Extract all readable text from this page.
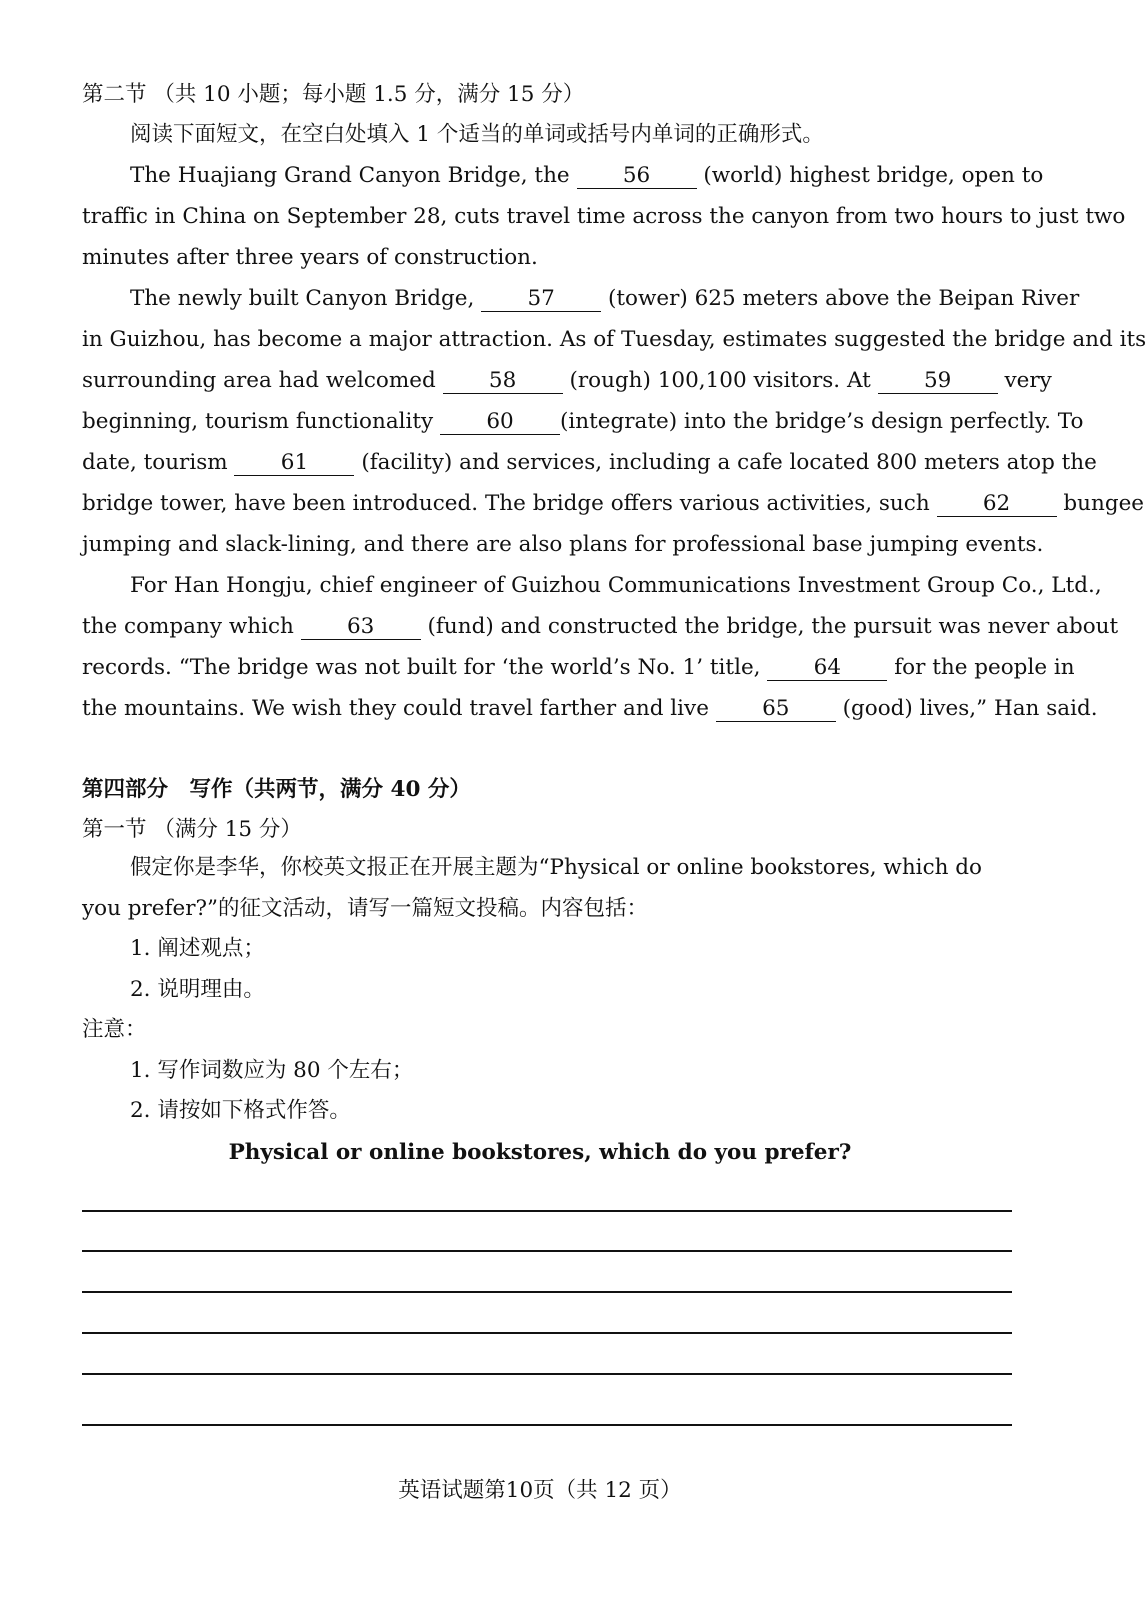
第二节 （共 10 小题；每小题 1.5 分，满分 15 分）
阅读下面短文，在空白处填入 1 个适当的单词或括号内单词的正确形式。
The Huajiang Grand Canyon Bridge, the 56 (world) highest bridge, open to
traffic in China on September 28, cuts travel time across the canyon from two hours to just two
minutes after three years of construction.
The newly built Canyon Bridge, 57 (tower) 625 meters above the Beipan River
in Guizhou, has become a major attraction. As of Tuesday, estimates suggested the bridge and its
surrounding area had welcomed 58 (rough) 100,100 visitors. At 59 very
beginning, tourism functionality 60 (integrate) into the bridge’s design perfectly. To
date, tourism 61 (facility) and services, including a cafe located 800 meters atop the
bridge tower, have been introduced. The bridge offers various activities, such 62 bungee
jumping and slack-lining, and there are also plans for professional base jumping events.
For Han Hongju, chief engineer of Guizhou Communications Investment Group Co., Ltd.,
the company which 63 (fund) and constructed the bridge, the pursuit was never about
records. “The bridge was not built for ‘the world’s No. 1’ title, 64 for the people in
the mountains. We wish they could travel farther and live 65 (good) lives,” Han said.
第四部分　写作（共两节，满分 40 分）
第一节 （满分 15 分）
假定你是李华，你校英文报正在开展主题为“Physical or online bookstores, which do
you prefer?”的征文活动，请写一篇短文投稿。内容包括：
1. 阐述观点；
2. 说明理由。
注意：
1. 写作词数应为 80 个左右；
2. 请按如下格式作答。
Physical or online bookstores, which do you prefer?
英语试题第10页（共 12 页）
